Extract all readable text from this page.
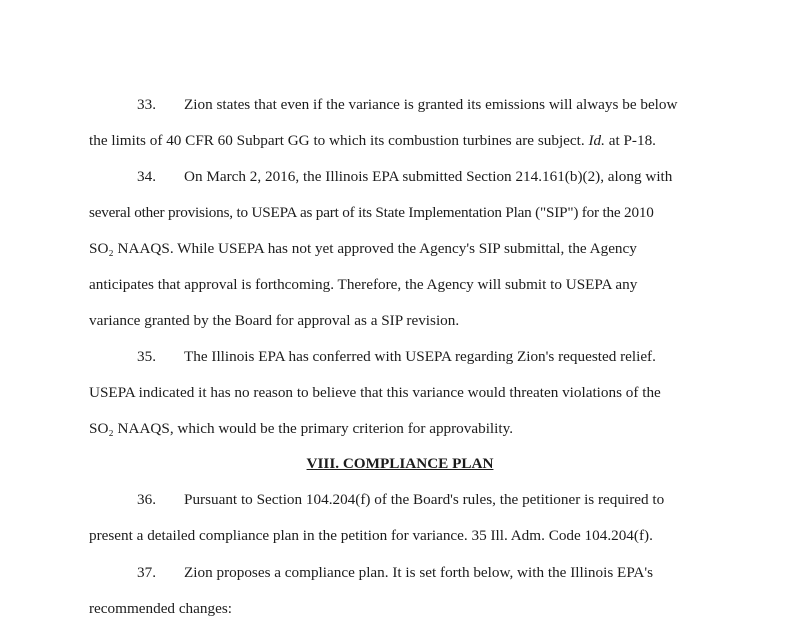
33. Zion states that even if the variance is granted its emissions will always be below
the limits of 40 CFR 60 Subpart GG to which its combustion turbines are subject. Id. at P-18.
34. On March 2, 2016, the Illinois EPA submitted Section 214.161(b)(2), along with
several other provisions, to USEPA as part of its State Implementation Plan ("SIP") for the 2010
SO₂ NAAQS. While USEPA has not yet approved the Agency's SIP submittal, the Agency
anticipates that approval is forthcoming. Therefore, the Agency will submit to USEPA any
variance granted by the Board for approval as a SIP revision.
35. The Illinois EPA has conferred with USEPA regarding Zion's requested relief.
USEPA indicated it has no reason to believe that this variance would threaten violations of the
SO₂ NAAQS, which would be the primary criterion for approvability.
VIII. COMPLIANCE PLAN
36. Pursuant to Section 104.204(f) of the Board's rules, the petitioner is required to
present a detailed compliance plan in the petition for variance. 35 Ill. Adm. Code 104.204(f).
37. Zion proposes a compliance plan. It is set forth below, with the Illinois EPA's
recommended changes:
